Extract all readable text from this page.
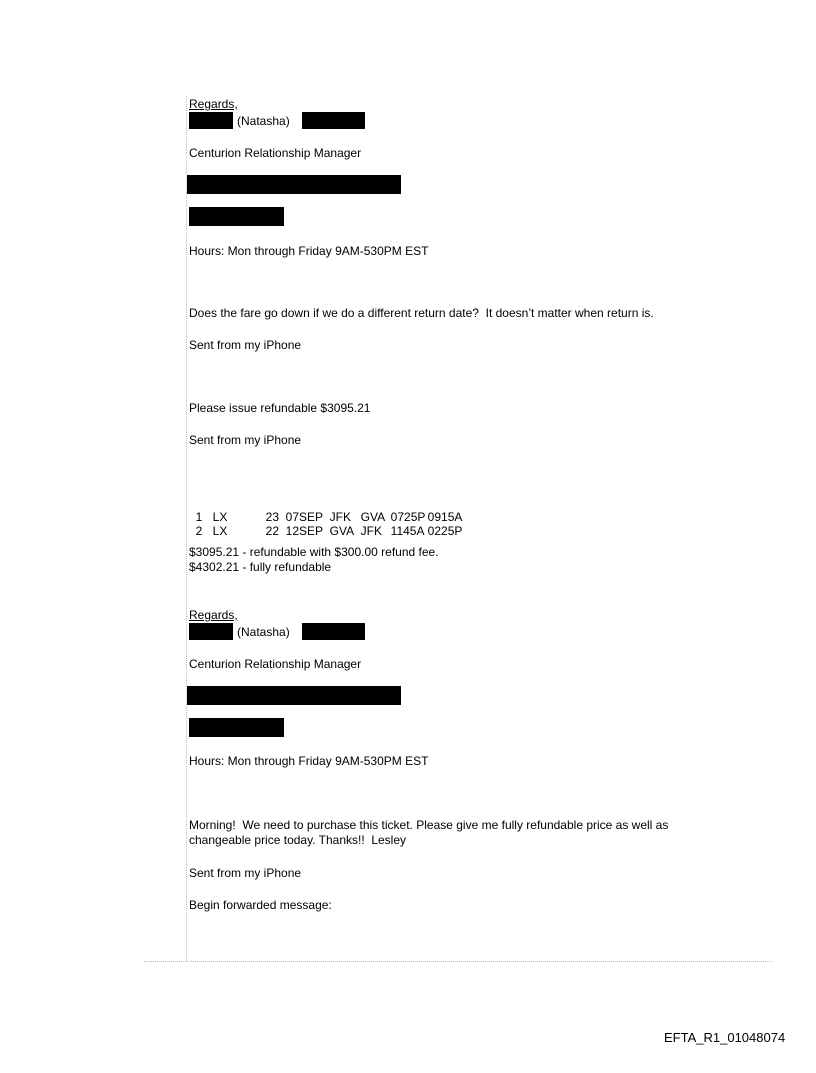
Regards,
(Natasha)
Centurion Relationship Manager
Hours: Mon through Friday 9AM-530PM EST
Does the fare go down if we do a different return date?  It doesn’t matter when return is.
Sent from my iPhone
Please issue refundable $3095.21
Sent from my iPhone

1 LX	23 07SEP JFK GVA 0725P 0915A

2 LX	22 12SEP GVA JFK 1145A 0225P

$3095.21 - refundable with $300.00 refund fee.
$4302.21 - fully refundable
Regards,
(Natasha)
Centurion Relationship Manager
Hours: Mon through Friday 9AM-530PM EST
Morning!  We need to purchase this ticket. Please give me fully refundable price as well as
changeable price today. Thanks!!  Lesley
Sent from my iPhone
Begin forwarded message:
EFTA_R1_01048074
